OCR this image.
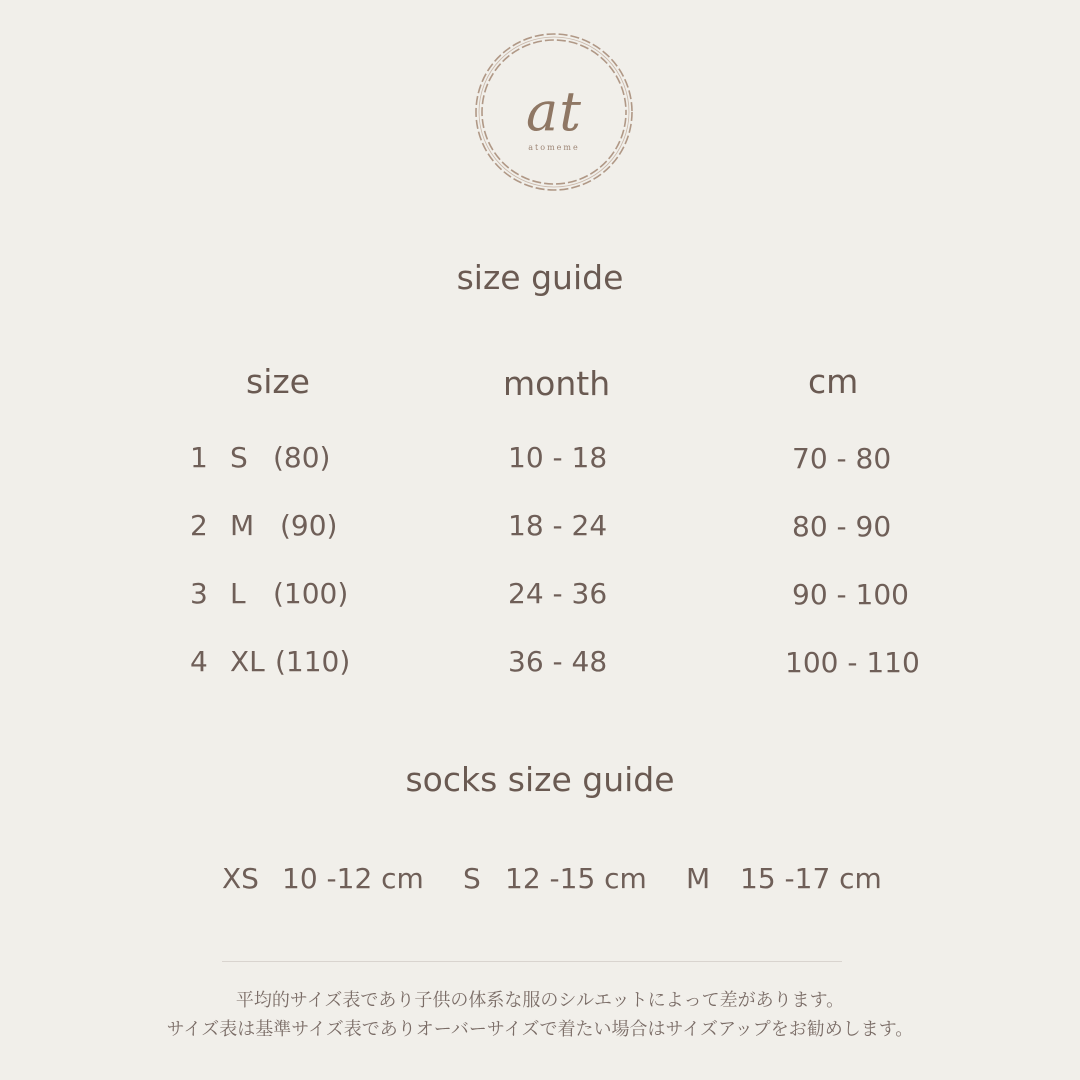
at
atomeme
size guide
size	month	cm
1 S (80)	10 - 18	70 - 80
2 M (90)	18 - 24	80 - 90
3 L (100)	24 - 36	90 - 100
4 XL (110)	36 - 48	100 - 110
socks size guide
XS 10 -12 cm S 12 -15 cm M 15 -17 cm
平均的サイズ表であり子供の体系な服のシルエットによって差があります。
サイズ表は基準サイズ表でありオーバーサイズで着たい場合はサイズアップをお勧めします。
